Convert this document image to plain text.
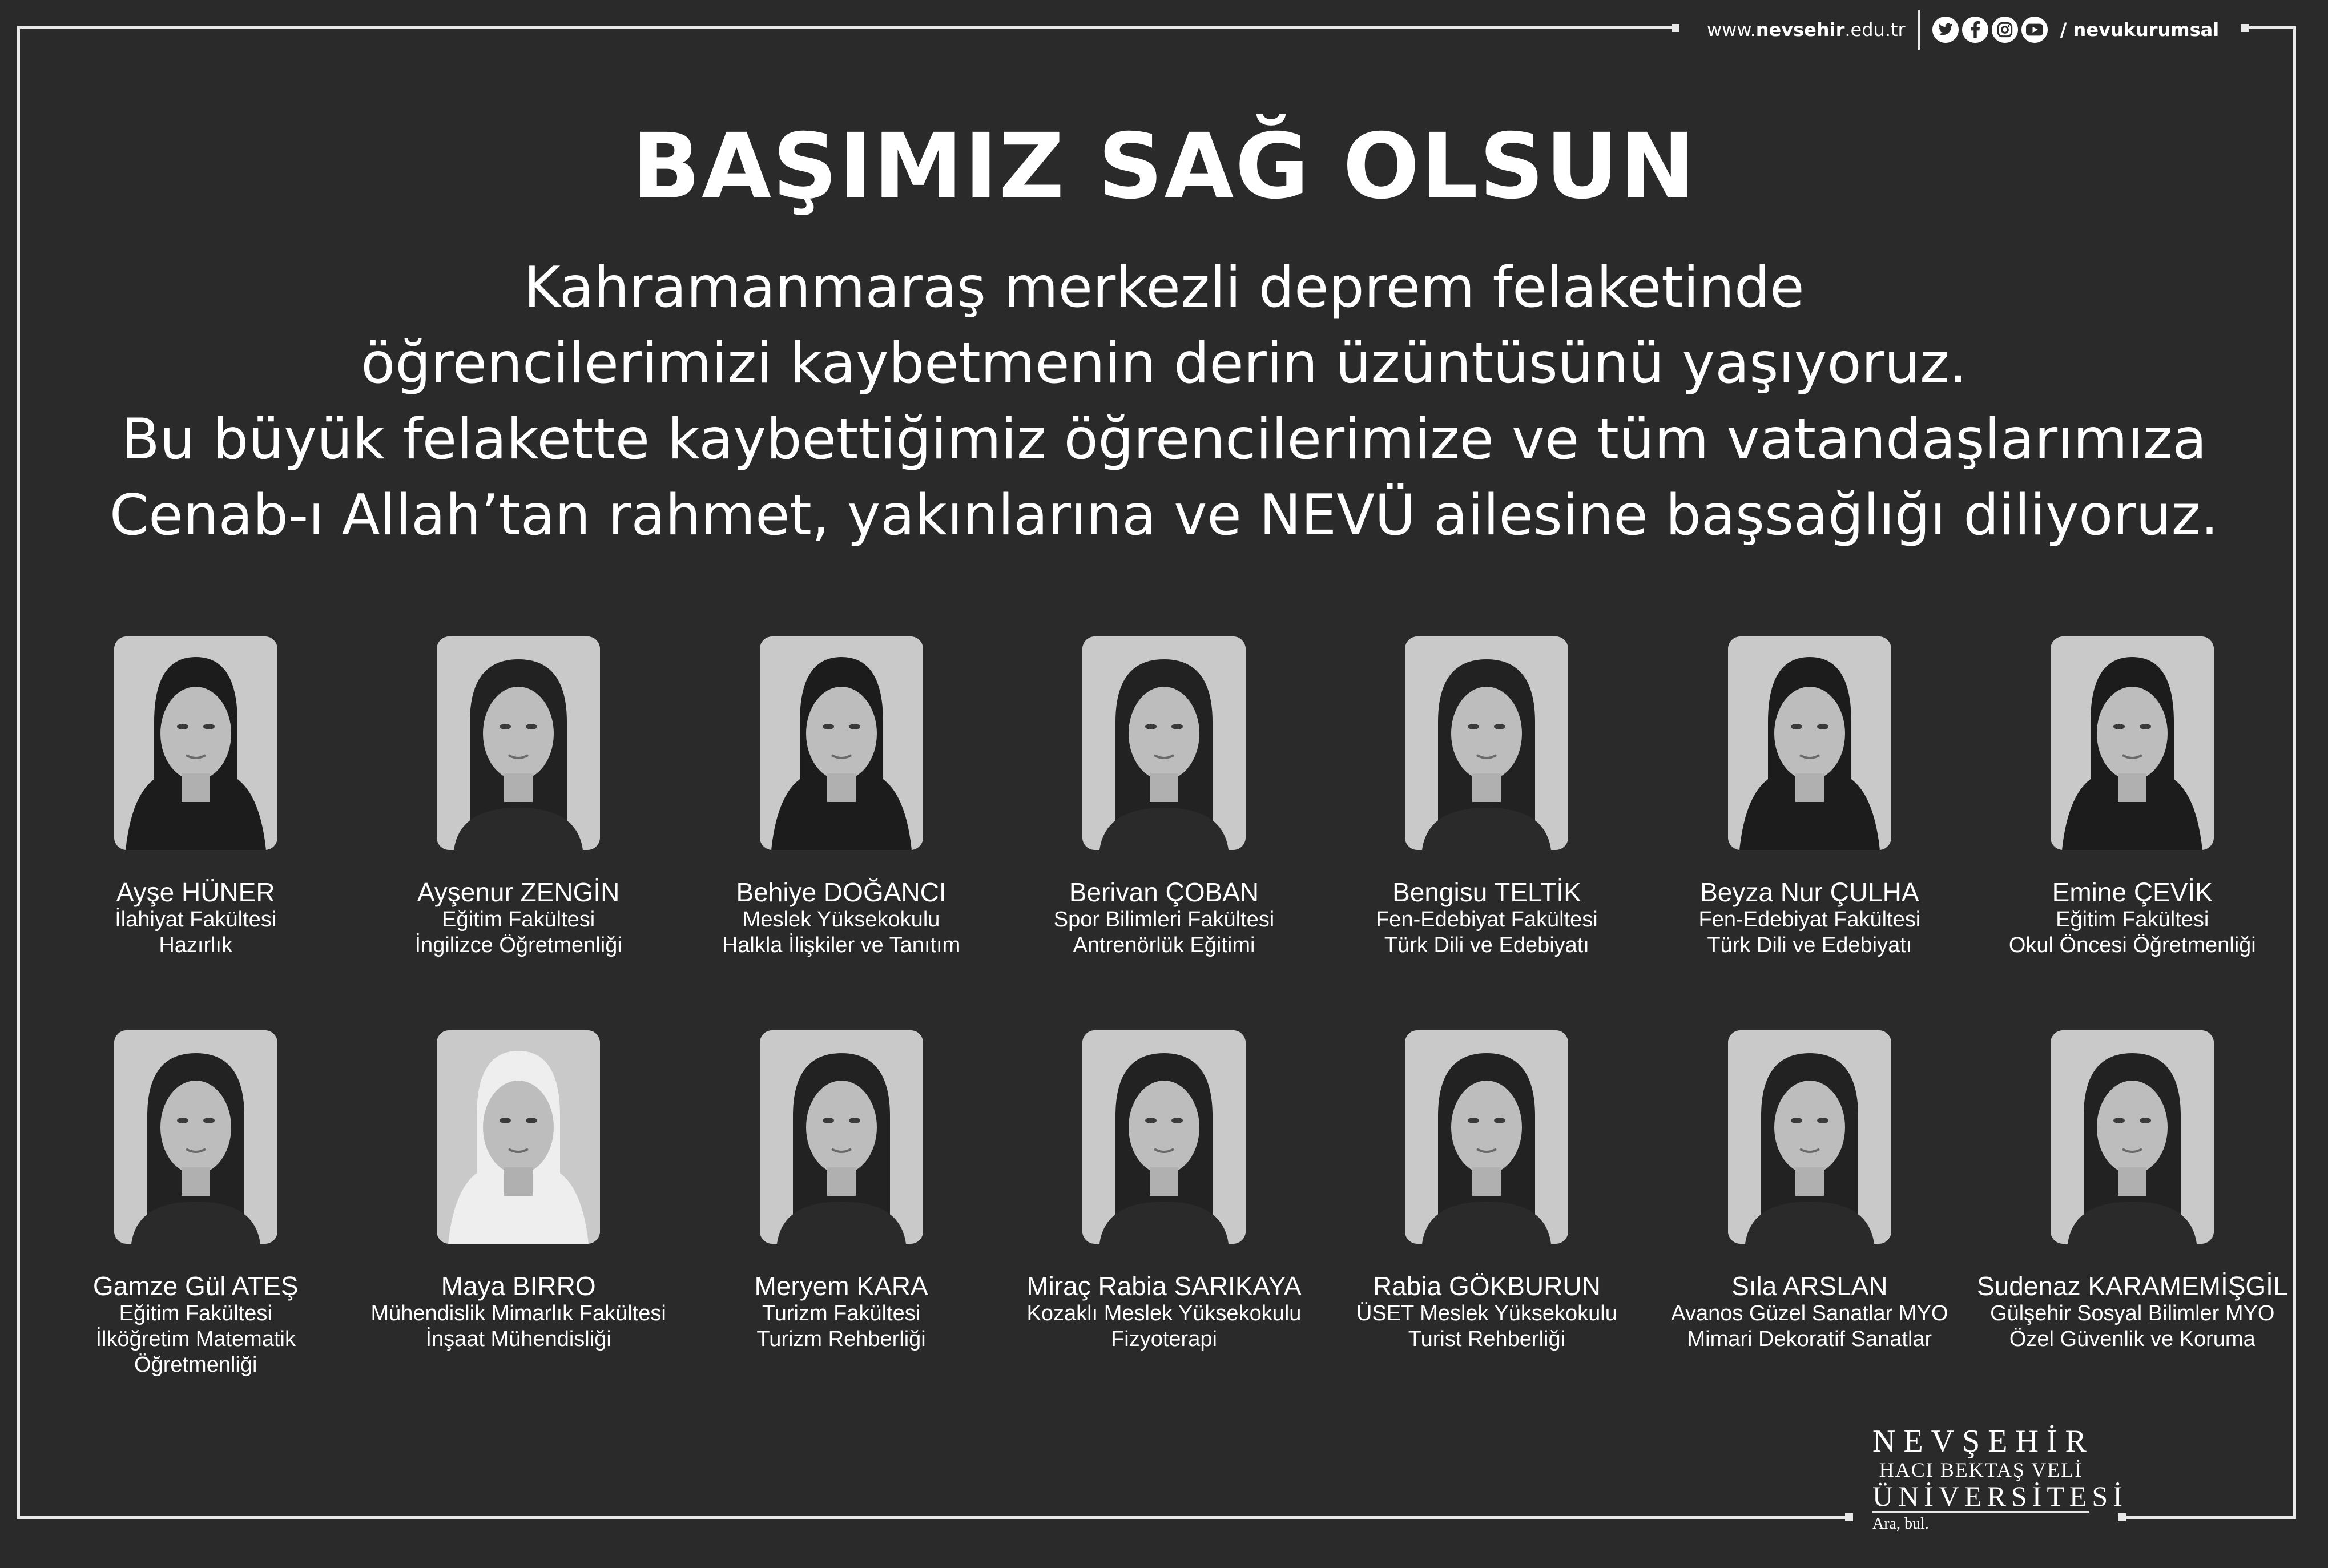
www.nevsehir.edu.tr	/ nevukurumsal
BAŞIMIZ SAĞ OLSUN
Kahramanmaraş merkezli deprem felaketinde
öğrencilerimizi kaybetmenin derin üzüntüsünü yaşıyoruz.
Bu büyük felakette kaybettiğimiz öğrencilerimize ve tüm vatandaşlarımıza
Cenab-ı Allah’tan rahmet, yakınlarına ve NEVÜ ailesine başsağlığı diliyoruz.
Ayşe HÜNER
İlahiyat Fakültesi
Hazırlık
Ayşenur ZENGİN
Eğitim Fakültesi
İngilizce Öğretmenliği
Behiye DOĞANCI
Meslek Yüksekokulu
Halkla İlişkiler ve Tanıtım
Berivan ÇOBAN
Spor Bilimleri Fakültesi
Antrenörlük Eğitimi
Bengisu TELTİK
Fen-Edebiyat Fakültesi
Türk Dili ve Edebiyatı
Beyza Nur ÇULHA
Fen-Edebiyat Fakültesi
Türk Dili ve Edebiyatı
Emine ÇEVİK
Eğitim Fakültesi
Okul Öncesi Öğretmenliği
Gamze Gül ATEŞ
Eğitim Fakültesi
İlköğretim Matematik
Öğretmenliği
Maya BIRRO
Mühendislik Mimarlık Fakültesi
İnşaat Mühendisliği
Meryem KARA
Turizm Fakültesi
Turizm Rehberliği
Miraç Rabia SARIKAYA
Kozaklı Meslek Yüksekokulu
Fizyoterapi
Rabia GÖKBURUN
ÜSET Meslek Yüksekokulu
Turist Rehberliği
Sıla ARSLAN
Avanos Güzel Sanatlar MYO
Mimari Dekoratif Sanatlar
Sudenaz KARAMEMİŞGİL
Gülşehir Sosyal Bilimler MYO
Özel Güvenlik ve Koruma
NEVŞEHİR
HACI BEKTAŞ VELİ
ÜNİVERSİTESİ
Ara, bul.
